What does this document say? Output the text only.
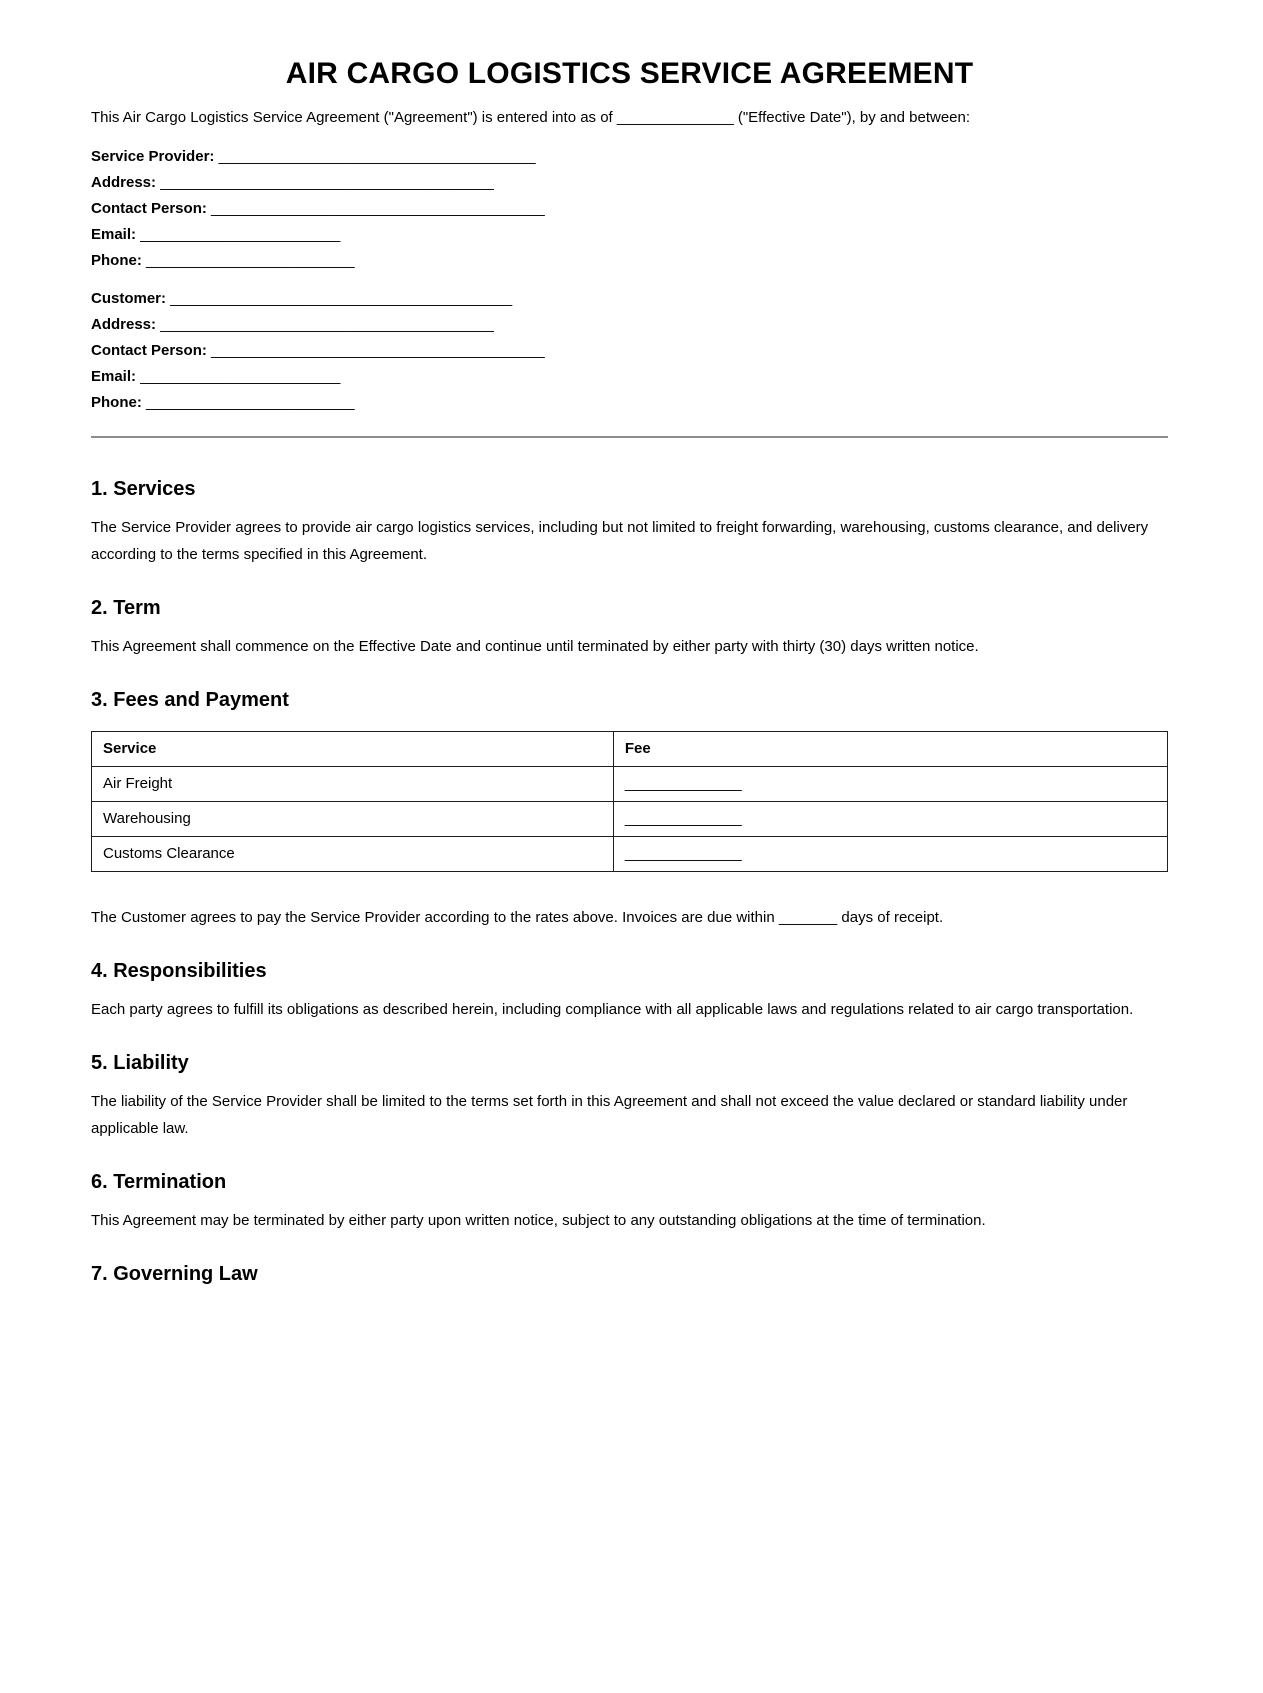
AIR CARGO LOGISTICS SERVICE AGREEMENT

This Air Cargo Logistics Service Agreement ("Agreement") is entered into as of ______________ ("Effective Date"), by and between:

Service Provider: ______________________________________

Address: ________________________________________

Contact Person: ________________________________________

Email: ________________________

Phone: _________________________

Customer: _________________________________________

Address: ________________________________________

Contact Person: ________________________________________

Email: ________________________

Phone: _________________________

1. Services

The Service Provider agrees to provide air cargo logistics services, including but not limited to freight forwarding, warehousing, customs clearance, and delivery according to the terms specified in this Agreement.

2. Term

This Agreement shall commence on the Effective Date and continue until terminated by either party with thirty (30) days written notice.

3. Fees and Payment
Service	Fee
Air Freight	______________
Warehousing	______________
Customs Clearance	______________

The Customer agrees to pay the Service Provider according to the rates above. Invoices are due within _______ days of receipt.

4. Responsibilities

Each party agrees to fulfill its obligations as described herein, including compliance with all applicable laws and regulations related to air cargo transportation.

5. Liability

The liability of the Service Provider shall be limited to the terms set forth in this Agreement and shall not exceed the value declared or standard liability under applicable law.

6. Termination

This Agreement may be terminated by either party upon written notice, subject to any outstanding obligations at the time of termination.

7. Governing Law
